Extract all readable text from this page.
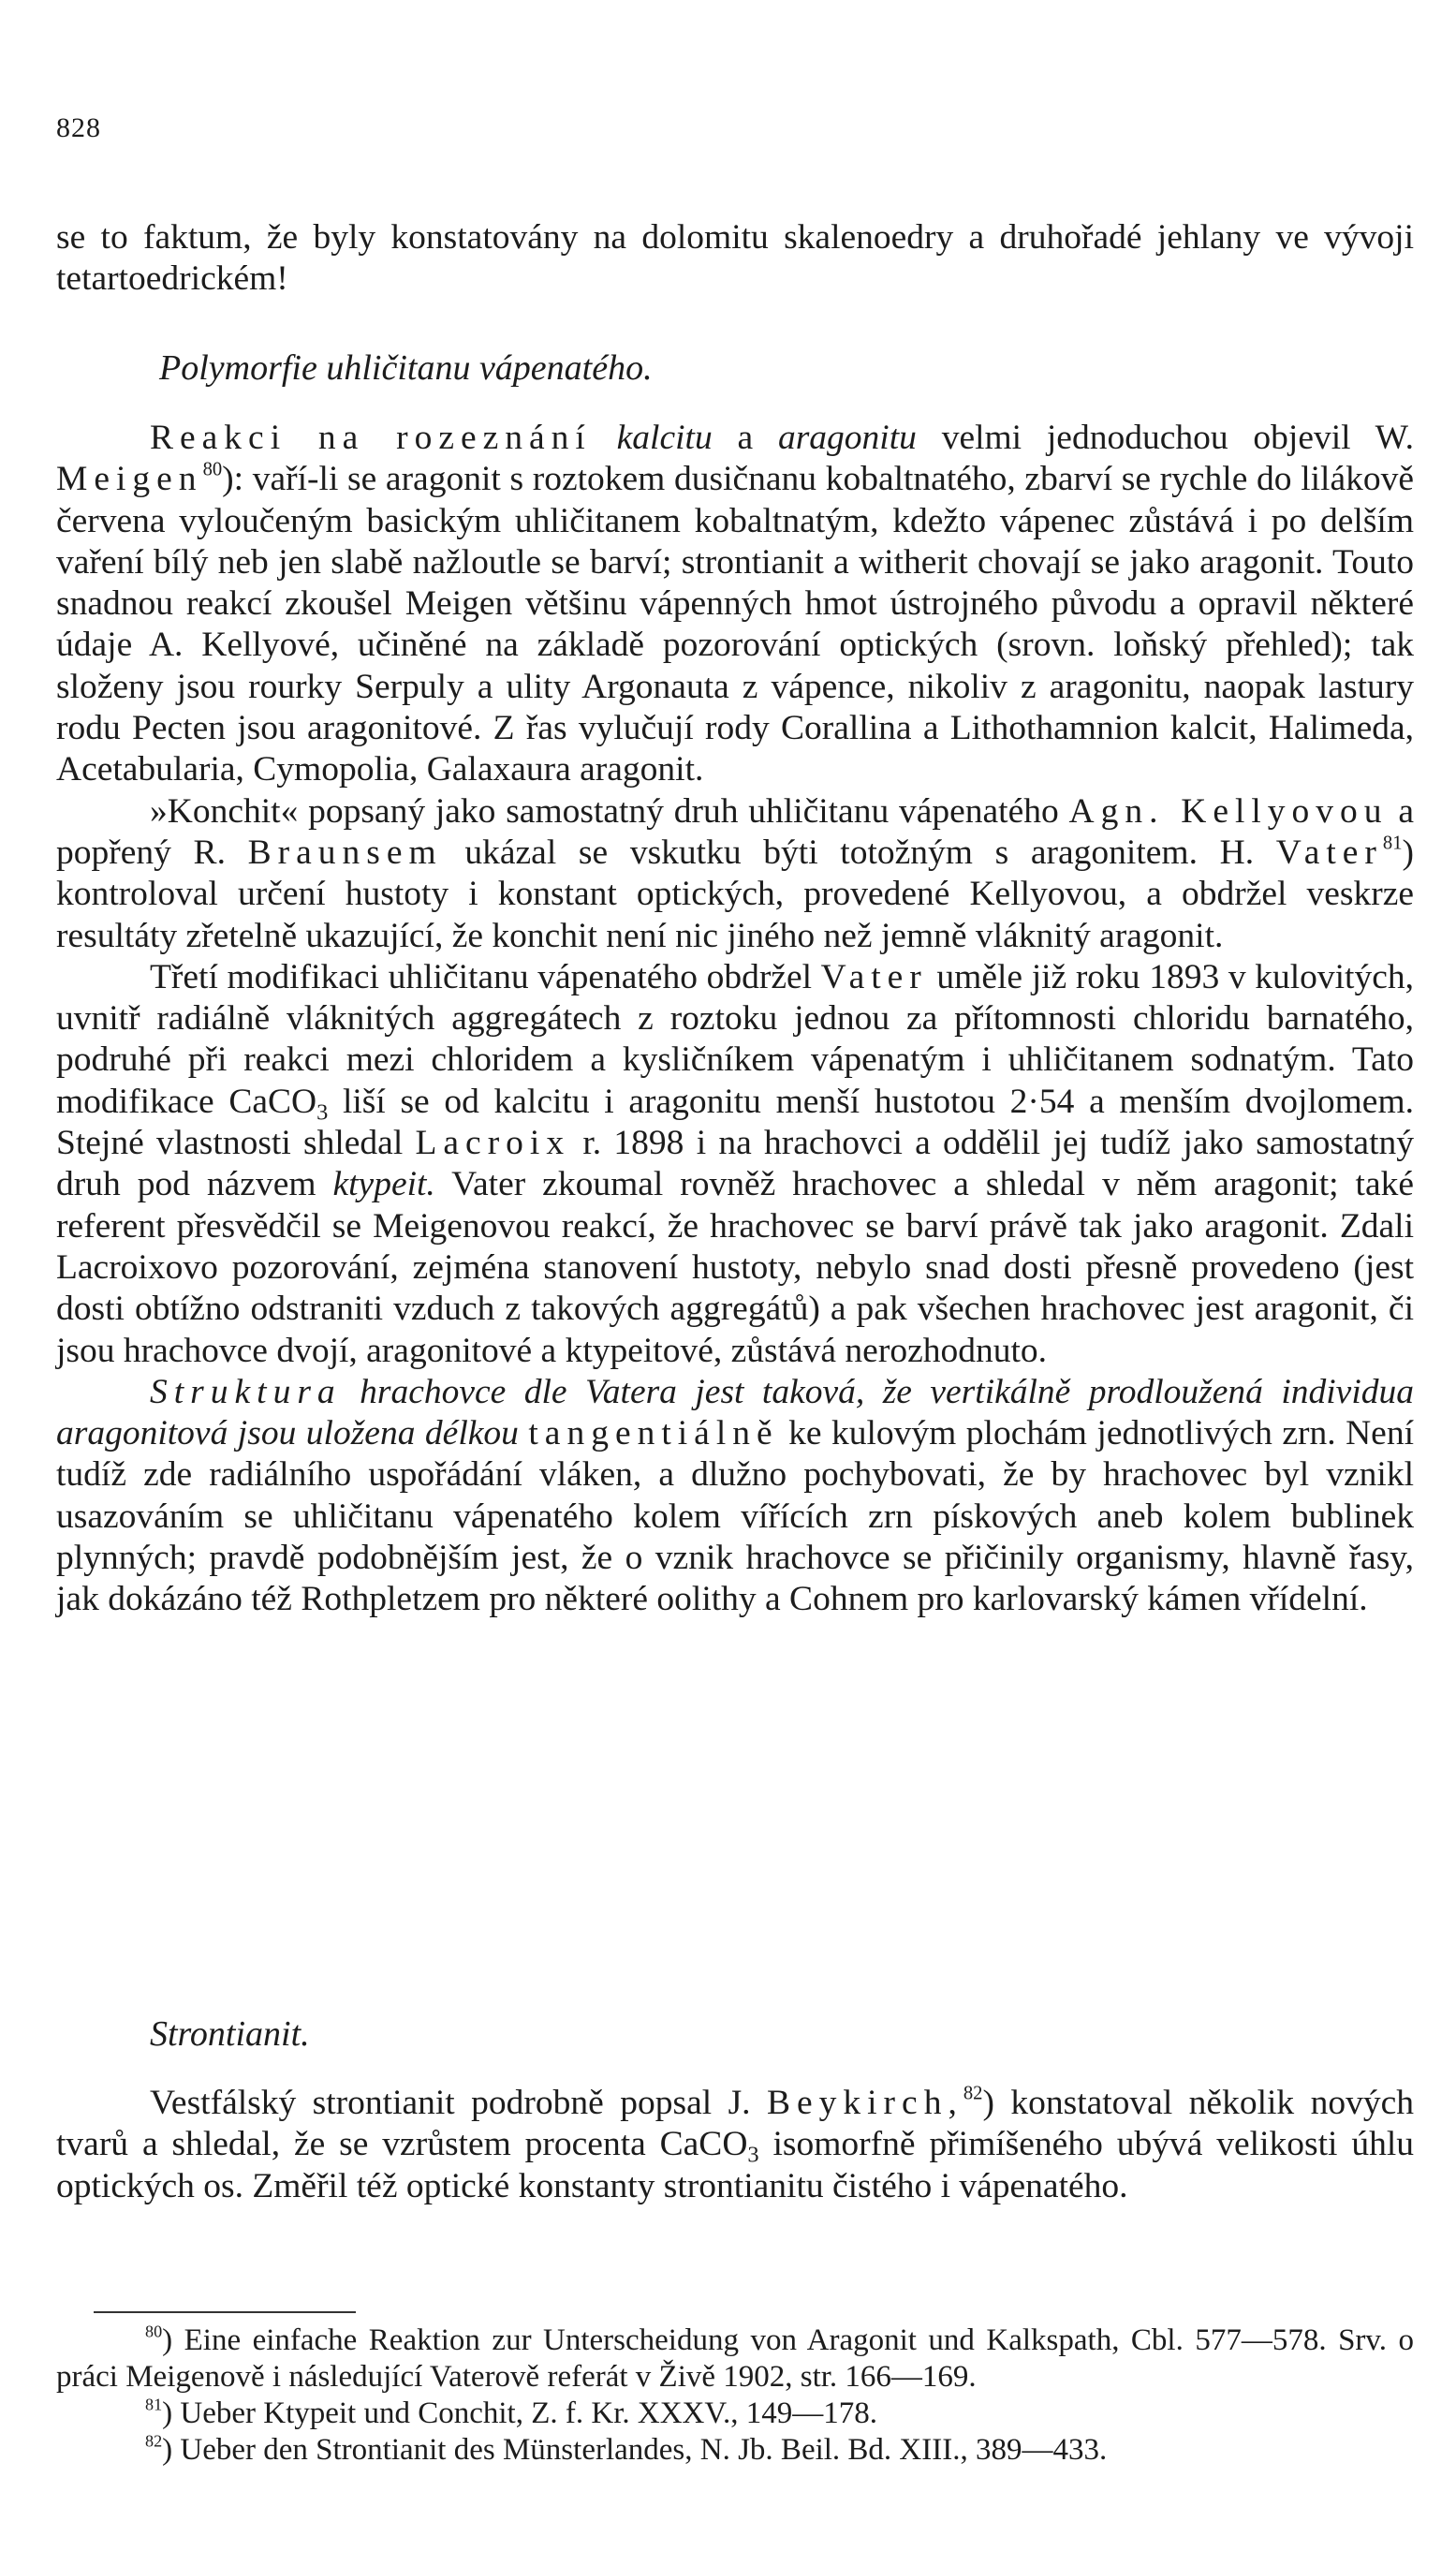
828

se to faktum, že byly konstatovány na dolomitu skalenoedry a druhořadé jehlany ve vývoji tetartoedrickém!

Polymorfie uhličitanu vápenatého.

Reakci na rozeznání kalcitu a aragonitu velmi jednoduchou objevil W. Meigen$^{80}$): vaří-li se aragonit s roztokem dusičnanu kobaltnatého, zbarví se rychle do lilákově červena vyloučeným basickým uhličitanem kobaltnatým, kdežto vápenec zůstává i po delším vaření bílý neb jen slabě nažloutle se barví; strontianit a witherit chovají se jako aragonit. Touto snadnou reakcí zkoušel Meigen většinu vápenných hmot ústrojného původu a opravil některé údaje A. Kellyové, učiněné na základě pozorování optických (srovn. loňský přehled); tak složeny jsou rourky Serpuly a ulity Argonauta z vápence, nikoliv z aragonitu, naopak lastury rodu Pecten jsou aragonitové. Z řas vylučují rody Corallina a Lithothamnion kalcit, Halimeda, Acetabularia, Cymopolia, Galaxaura aragonit.

»Konchit« popsaný jako samostatný druh uhličitanu vápenatého Agn. Kellyovou a popřený R. Braunsem ukázal se vskutku býti totožným s aragonitem. H. Vater$^{81}$) kontroloval určení hustoty i konstant optických, provedené Kellyovou, a obdržel veskrze resultáty zřetelně ukazující, že konchit není nic jiného než jemně vláknitý aragonit.

Třetí modifikaci uhličitanu vápenatého obdržel Vater uměle již roku 1893 v kulovitých, uvnitř radiálně vláknitých aggregátech z roztoku jednou za přítomnosti chloridu barnatého, podruhé při reakci mezi chloridem a kysličníkem vápenatým i uhličitanem sodnatým. Tato modifikace CaCO$_3$ liší se od kalcitu i aragonitu menší hustotou 2·54 a menším dvojlomem. Stejné vlastnosti shledal Lacroix r. 1898 i na hrachovci a oddělil jej tudíž jako samostatný druh pod názvem ktypeit. Vater zkoumal rovněž hrachovec a shledal v něm aragonit; také referent přesvědčil se Meigenovou reakcí, že hrachovec se barví právě tak jako aragonit. Zdali Lacroixovo pozorování, zejména stanovení hustoty, nebylo snad dosti přesně provedeno (jest dosti obtížno odstraniti vzduch z takových aggregátů) a pak všechen hrachovec jest aragonit, či jsou hrachovce dvojí, aragonitové a ktypeitové, zůstává nerozhodnuto.

Struktura hrachovce dle Vatera jest taková, že vertikálně prodloužená individua aragonitová jsou uložena délkou tangentiálně ke kulovým plochám jednotlivých zrn. Není tudíž zde radiálního uspořádání vláken, a dlužno pochybovati, že by hrachovec byl vznikl usazováním se uhličitanu vápenatého kolem vířících zrn pískových aneb kolem bublinek plynných; pravdě podobnějším jest, že o vznik hrachovce se přičinily organismy, hlavně řasy, jak dokázáno též Rothpletzem pro některé oolithy a Cohnem pro karlovarský kámen vřídelní.

Strontianit.

Vestfálský strontianit podrobně popsal J. Beykirch,$^{82}$) konstatoval několik nových tvarů a shledal, že se vzrůstem procenta CaCO$_3$ isomorfně přimíšeného ubývá velikosti úhlu optických os. Změřil též optické konstanty strontianitu čistého i vápenatého.

$^{80}$) Eine einfache Reaktion zur Unterscheidung von Aragonit und Kalkspath, Cbl. 577—578. Srv. o práci Meigenově i následující Vaterově referát v Živě 1902, str. 166—169.

$^{81}$) Ueber Ktypeit und Conchit, Z. f. Kr. XXXV., 149—178.

$^{82}$) Ueber den Strontianit des Münsterlandes, N. Jb. Beil. Bd. XIII., 389—433.
